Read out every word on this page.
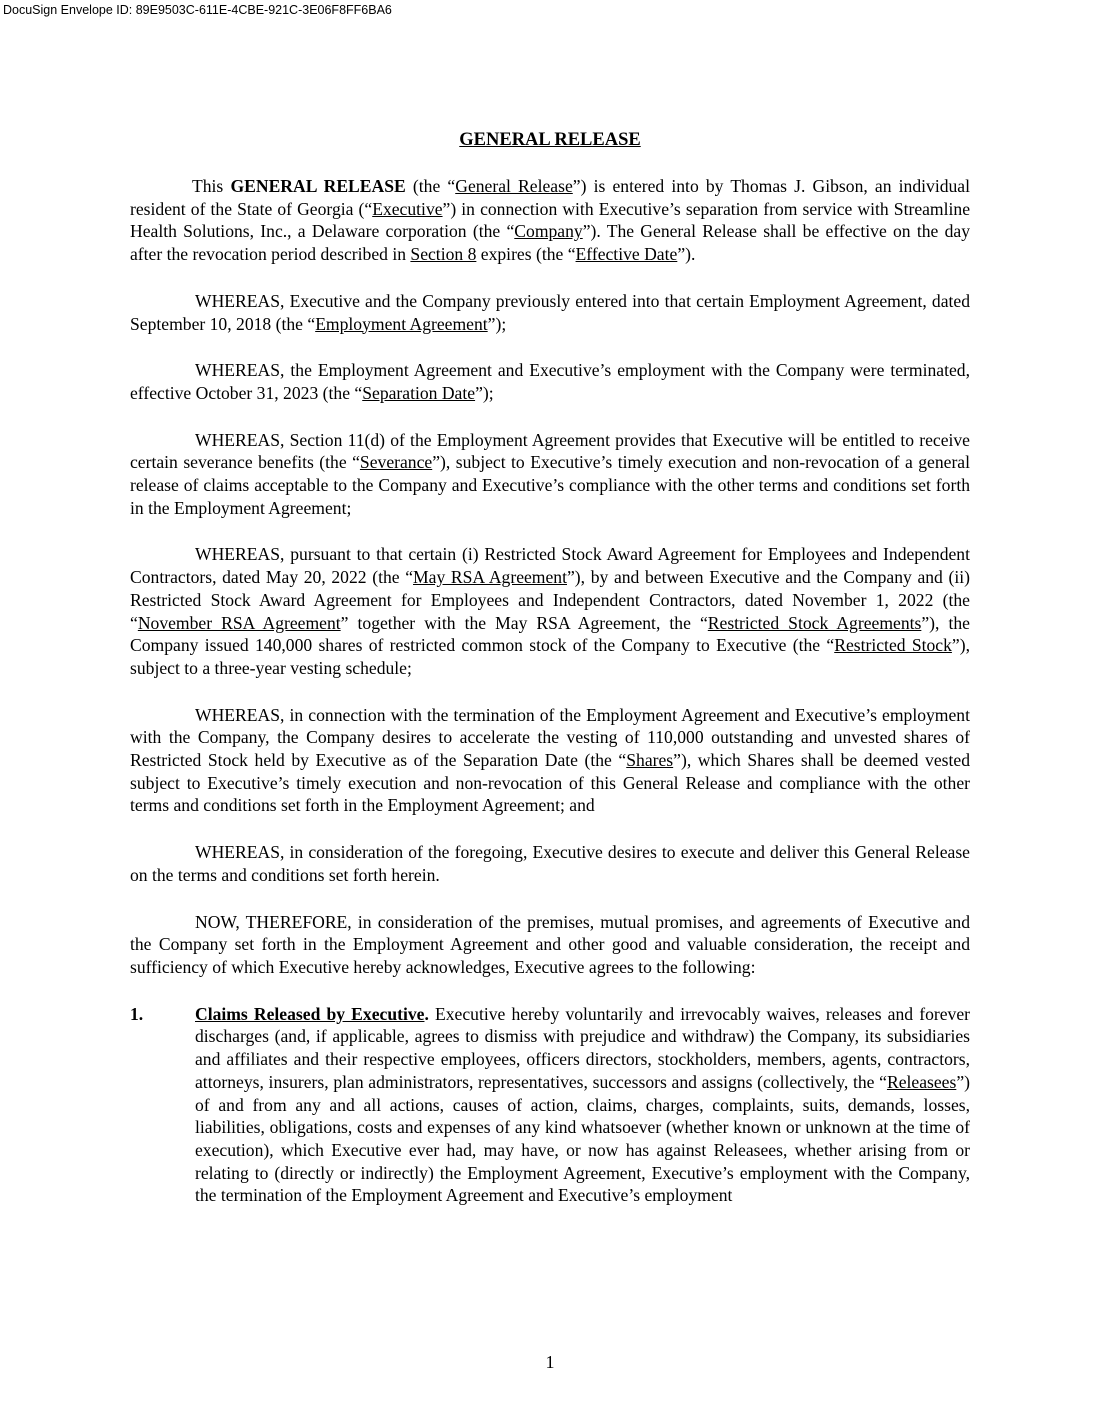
DocuSign Envelope ID: 89E9503C-611E-4CBE-921C-3E06F8FF6BA6
GENERAL RELEASE

This GENERAL RELEASE (the “General Release”) is entered into by Thomas J. Gibson, an individual resident of the State of Georgia (“Executive”) in connection with Executive’s separation from service with Streamline Health Solutions, Inc., a Delaware corporation (the “Company”). The General Release shall be effective on the day after the revocation period described in Section 8 expires (the “Effective Date”).

WHEREAS, Executive and the Company previously entered into that certain Employment Agreement, dated September 10, 2018 (the “Employment Agreement”);

WHEREAS, the Employment Agreement and Executive’s employment with the Company were terminated, effective October 31, 2023 (the “Separation Date”);

WHEREAS, Section 11(d) of the Employment Agreement provides that Executive will be entitled to receive certain severance benefits (the “Severance”), subject to Executive’s timely execution and non-revocation of a general release of claims acceptable to the Company and Executive’s compliance with the other terms and conditions set forth in the Employment Agreement;

WHEREAS, pursuant to that certain (i) Restricted Stock Award Agreement for Employees and Independent Contractors, dated May 20, 2022 (the “May RSA Agreement”), by and between Executive and the Company and (ii) Restricted Stock Award Agreement for Employees and Independent Contractors, dated November 1, 2022 (the “November RSA Agreement” together with the May RSA Agreement, the “Restricted Stock Agreements”), the Company issued 140,000 shares of restricted common stock of the Company to Executive (the “Restricted Stock”), subject to a three-year vesting schedule;

WHEREAS, in connection with the termination of the Employment Agreement and Executive’s employment with the Company, the Company desires to accelerate the vesting of 110,000 outstanding and unvested shares of Restricted Stock held by Executive as of the Separation Date (the “Shares”), which Shares shall be deemed vested subject to Executive’s timely execution and non-revocation of this General Release and compliance with the other terms and conditions set forth in the Employment Agreement; and

WHEREAS, in consideration of the foregoing, Executive desires to execute and deliver this General Release on the terms and conditions set forth herein.

NOW, THEREFORE, in consideration of the premises, mutual promises, and agreements of Executive and the Company set forth in the Employment Agreement and other good and valuable consideration, the receipt and sufficiency of which Executive hereby acknowledges, Executive agrees to the following:

1.	Claims Released by Executive. Executive hereby voluntarily and irrevocably waives, releases and forever discharges (and, if applicable, agrees to dismiss with prejudice and withdraw) the Company, its subsidiaries and affiliates and their respective employees, officers directors, stockholders, members, agents, contractors, attorneys, insurers, plan administrators, representatives, successors and assigns (collectively, the “Releasees”) of and from any and all actions, causes of action, claims, charges, complaints, suits, demands, losses, liabilities, obligations, costs and expenses of any kind whatsoever (whether known or unknown at the time of execution), which Executive ever had, may have, or now has against Releasees, whether arising from or relating to (directly or indirectly) the Employment Agreement, Executive’s employment with the Company, the termination of the Employment Agreement and Executive’s employment
1
